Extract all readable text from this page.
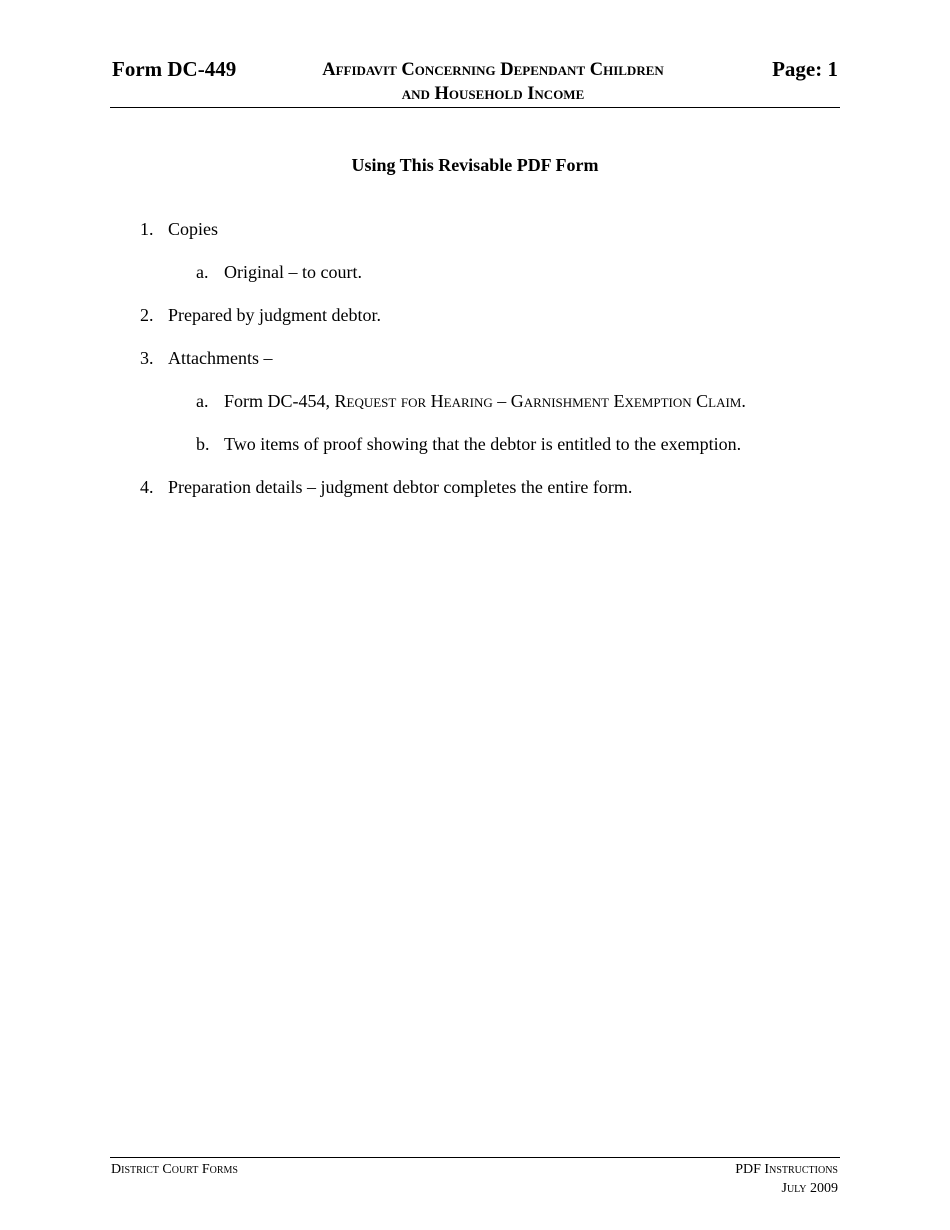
Form DC-449	Affidavit Concerning Dependant Children
and Household Income
Page: 1
Using This Revisable PDF Form
1. Copies
a. Original – to court.
2. Prepared by judgment debtor.
3. Attachments –
a. Form DC-454, Request for Hearing – Garnishment Exemption Claim.
b. Two items of proof showing that the debtor is entitled to the exemption.
4. Preparation details – judgment debtor completes the entire form.
District Court Forms	PDF Instructions
July 2009
